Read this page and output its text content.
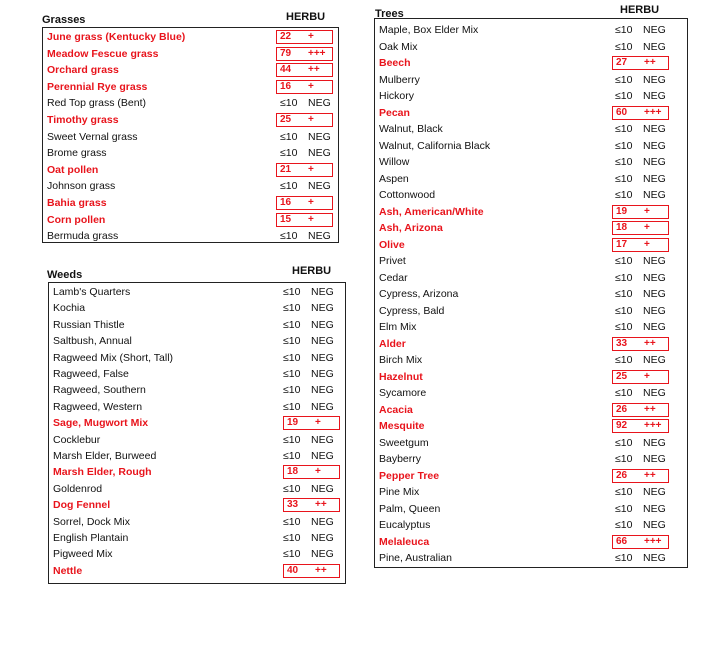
Grasses	HERBU
June grass (Kentucky Blue)	22 +
Meadow Fescue grass	79 +++
Orchard grass	44 ++
Perennial Rye grass	16 +
Red Top grass (Bent)	≤10 NEG
Timothy grass	25 +
Sweet Vernal grass	≤10 NEG
Brome grass	≤10 NEG
Oat pollen	21 +
Johnson grass	≤10 NEG
Bahia grass	16 +
Corn pollen	15 +
Bermuda grass	≤10 NEG
Weeds	HERBU
Lamb's Quarters	≤10 NEG
Kochia	≤10 NEG
Russian Thistle	≤10 NEG
Saltbush, Annual	≤10 NEG
Ragweed Mix (Short, Tall)	≤10 NEG
Ragweed, False	≤10 NEG
Ragweed, Southern	≤10 NEG
Ragweed, Western	≤10 NEG
Sage, Mugwort Mix	19 +
Cocklebur	≤10 NEG
Marsh Elder, Burweed	≤10 NEG
Marsh Elder, Rough	18 +
Goldenrod	≤10 NEG
Dog Fennel	33 ++
Sorrel, Dock Mix	≤10 NEG
English Plantain	≤10 NEG
Pigweed Mix	≤10 NEG
Nettle	40 ++
Trees	HERBU
Maple, Box Elder Mix	≤10 NEG
Oak Mix	≤10 NEG
Beech	27 ++
Mulberry	≤10 NEG
Hickory	≤10 NEG
Pecan	60 +++
Walnut, Black	≤10 NEG
Walnut, California Black	≤10 NEG
Willow	≤10 NEG
Aspen	≤10 NEG
Cottonwood	≤10 NEG
Ash, American/White	19 +
Ash, Arizona	18 +
Olive	17 +
Privet	≤10 NEG
Cedar	≤10 NEG
Cypress, Arizona	≤10 NEG
Cypress, Bald	≤10 NEG
Elm Mix	≤10 NEG
Alder	33 ++
Birch Mix	≤10 NEG
Hazelnut	25 +
Sycamore	≤10 NEG
Acacia	26 ++
Mesquite	92 +++
Sweetgum	≤10 NEG
Bayberry	≤10 NEG
Pepper Tree	26 ++
Pine Mix	≤10 NEG
Palm, Queen	≤10 NEG
Eucalyptus	≤10 NEG
Melaleuca	66 +++
Pine, Australian	≤10 NEG
